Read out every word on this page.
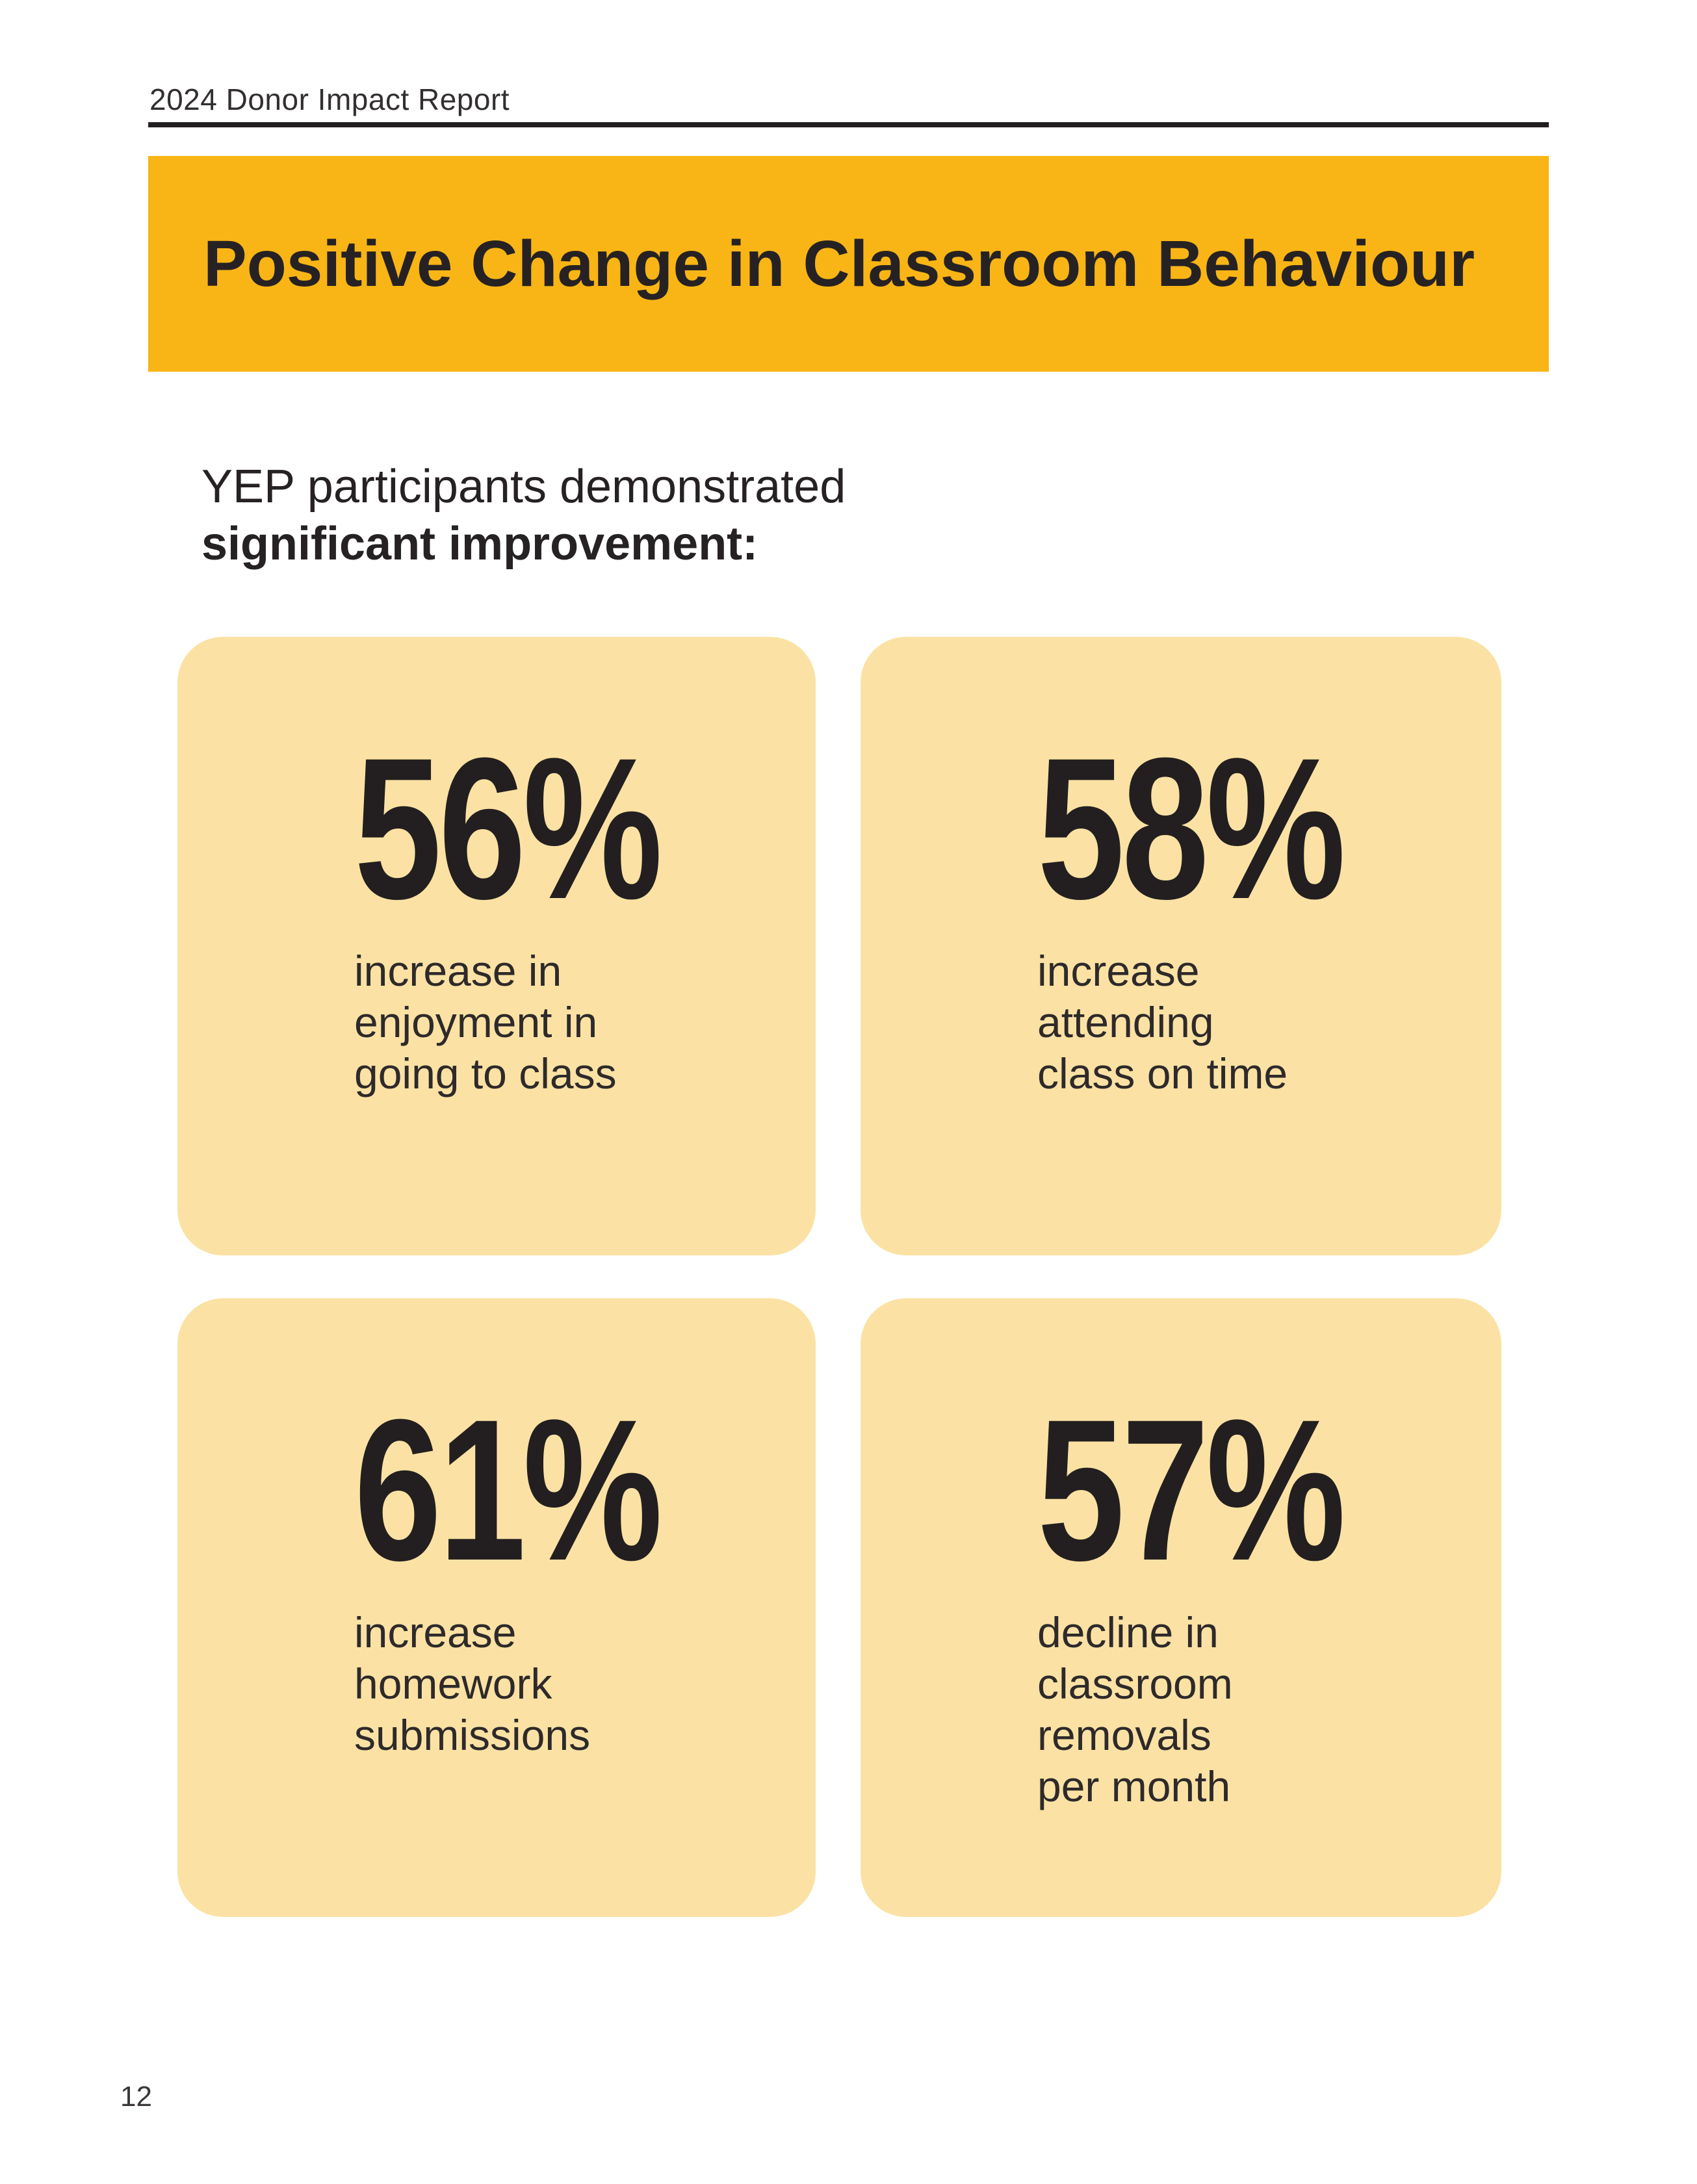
2024 Donor Impact Report
Positive Change in Classroom Behaviour
YEP participants demonstrated
significant improvement:
56%
increase in
enjoyment in
going to class
58%
increase
attending
class on time
61%
increase
homework
submissions
57%
decline in
classroom
removals
per month
12
